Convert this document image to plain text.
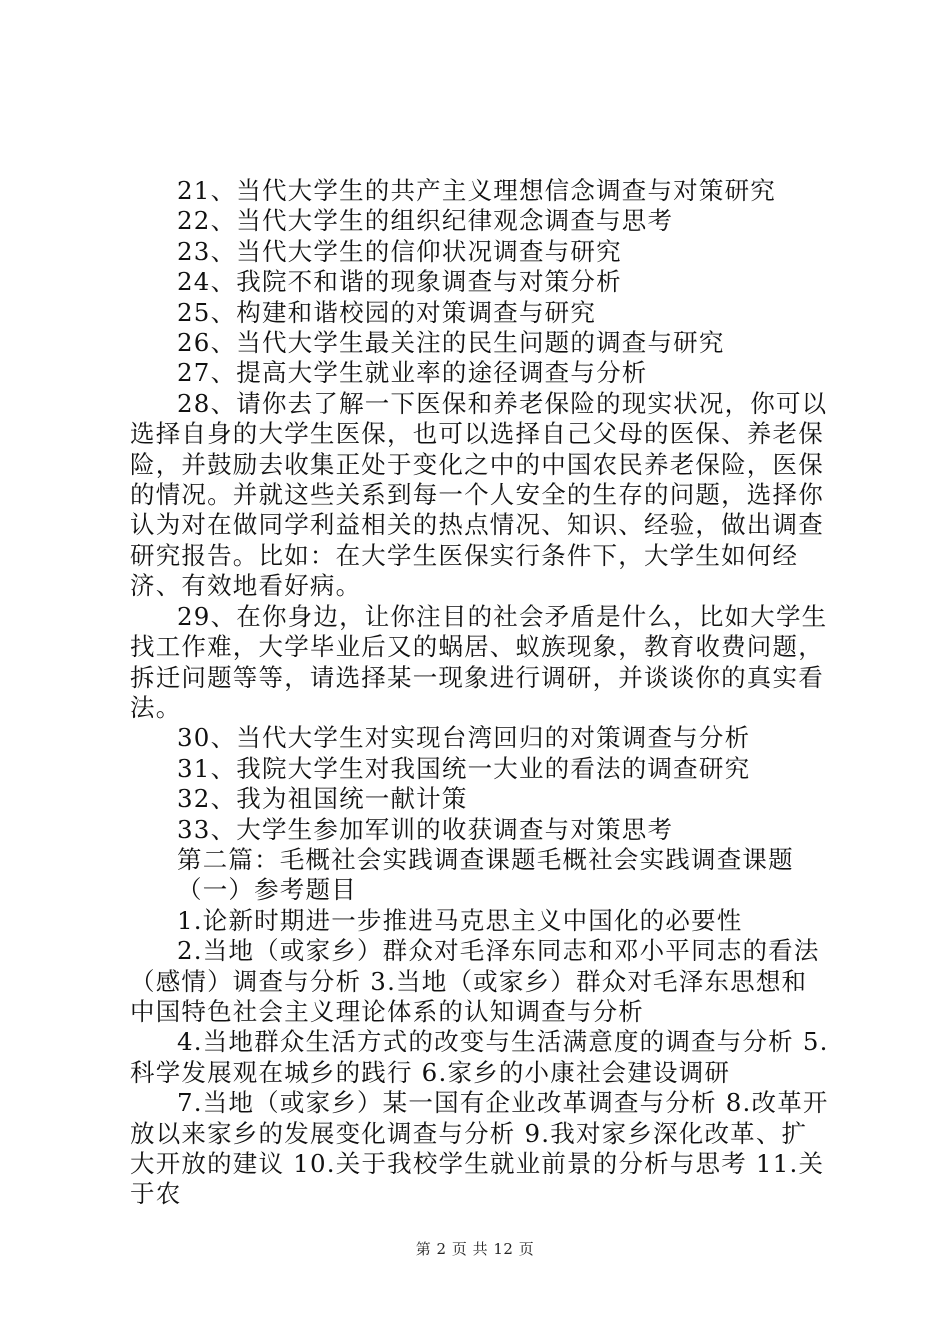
21、当代大学生的共产主义理想信念调查与对策研究

22、当代大学生的组织纪律观念调查与思考

23、当代大学生的信仰状况调查与研究

24、我院不和谐的现象调查与对策分析

25、构建和谐校园的对策调查与研究

26、当代大学生最关注的民生问题的调查与研究

27、提高大学生就业率的途径调查与分析

28、请你去了解一下医保和养老保险的现实状况，你可以选择自身的大学生医保，也可以选择自己父母的医保、养老保险，并鼓励去收集正处于变化之中的中国农民养老保险，医保的情况。并就这些关系到每一个人安全的生存的问题，选择你认为对在做同学利益相关的热点情况、知识、经验，做出调查研究报告。比如：在大学生医保实行条件下，大学生如何经济、有效地看好病。

29、在你身边，让你注目的社会矛盾是什么，比如大学生找工作难，大学毕业后又的蜗居、蚁族现象，教育收费问题，拆迁问题等等，请选择某一现象进行调研，并谈谈你的真实看法。

30、当代大学生对实现台湾回归的对策调查与分析

31、我院大学生对我国统一大业的看法的调查研究

32、我为祖国统一献计策

33、大学生参加军训的收获调查与对策思考

第二篇：毛概社会实践调查课题毛概社会实践调查课题

（一）参考题目

1.论新时期进一步推进马克思主义中国化的必要性

2.当地（或家乡）群众对毛泽东同志和邓小平同志的看法（感情）调查与分析 3.当地（或家乡）群众对毛泽东思想和中国特色社会主义理论体系的认知调查与分析

4.当地群众生活方式的改变与生活满意度的调查与分析 5.科学发展观在城乡的践行 6.家乡的小康社会建设调研

7.当地（或家乡）某一国有企业改革调查与分析 8.改革开放以来家乡的发展变化调查与分析 9.我对家乡深化改革、扩大开放的建议 10.关于我校学生就业前景的分析与思考 11.关于农

第 2 页 共 12 页
